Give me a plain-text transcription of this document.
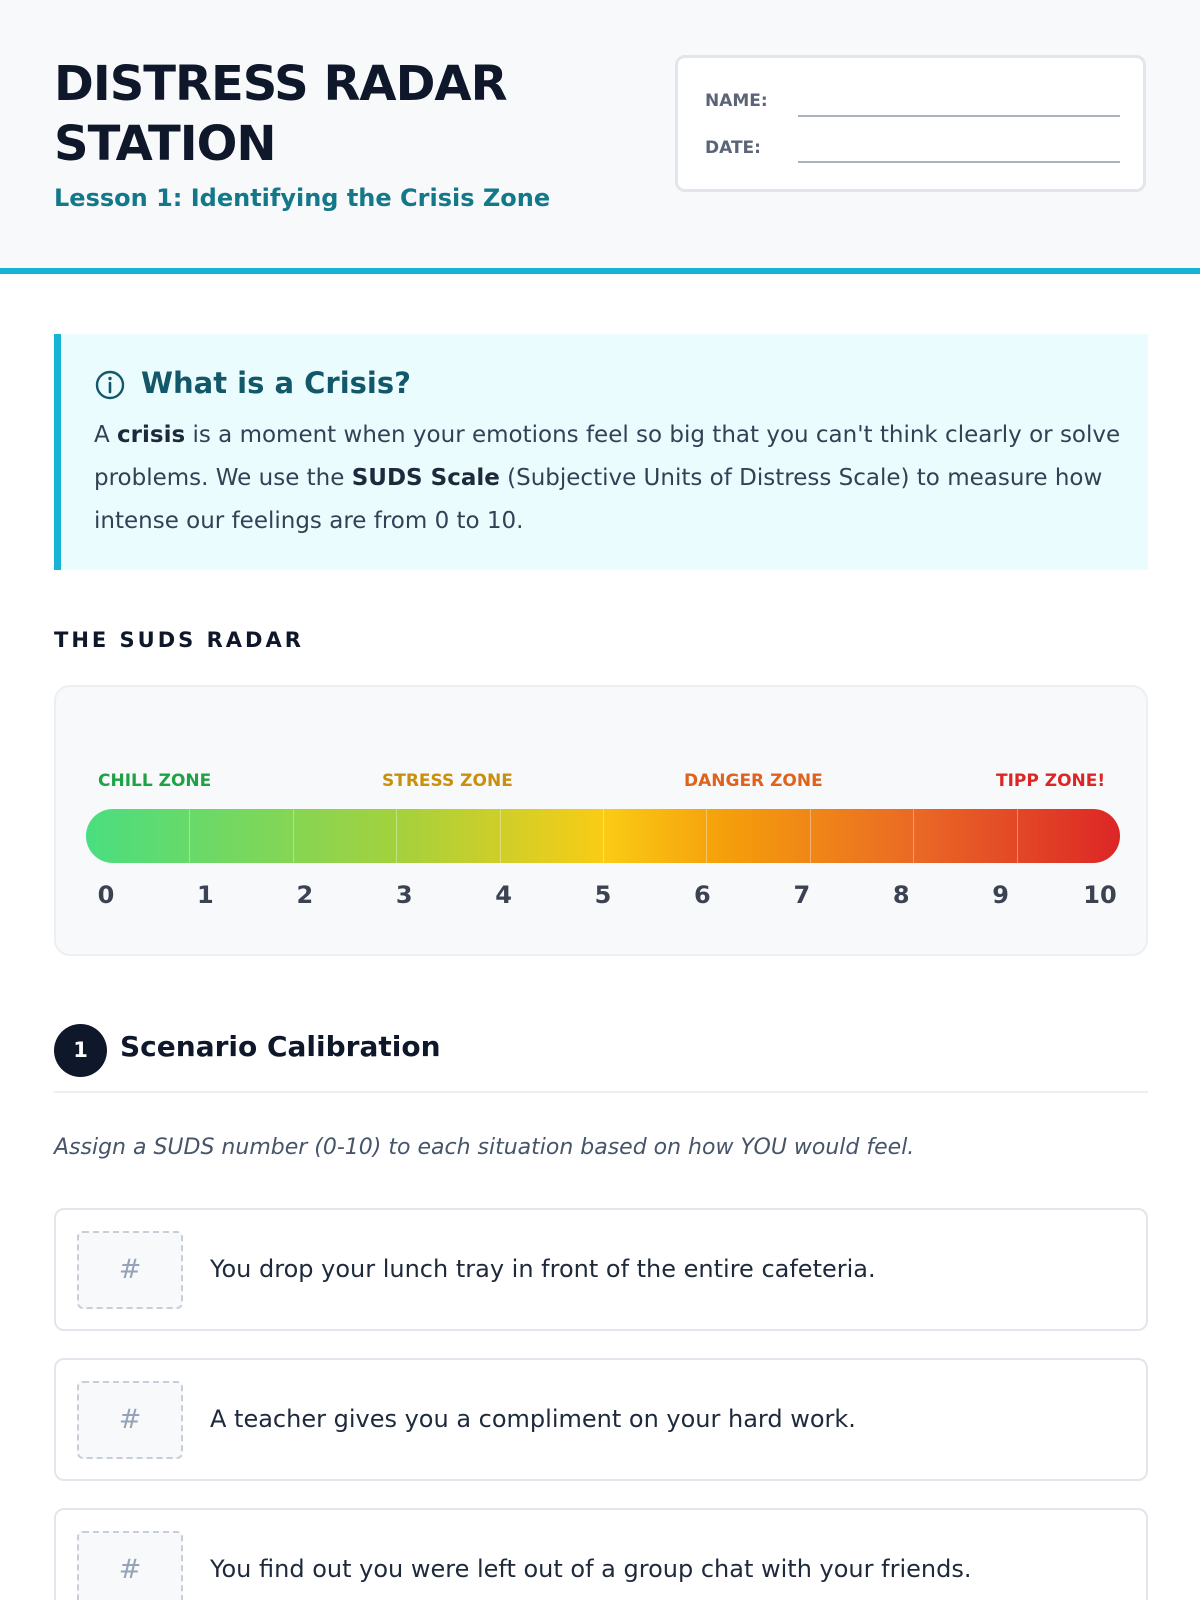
DISTRESS RADAR
STATION
Lesson 1: Identifying the Crisis Zone
NAME:
DATE:
What is a Crisis?
A crisis is a moment when your emotions feel so big that you can't think clearly or solve problems. We use the SUDS Scale (Subjective Units of Distress Scale) to measure how intense our feelings are from 0 to 10.
THE SUDS RADAR
CHILL ZONE	STRESS ZONE	DANGER ZONE	TIPP ZONE!
0	1	2	3	4	5	6	7	8	9	10
1	Scenario Calibration
Assign a SUDS number (0-10) to each situation based on how YOU would feel.
#	You drop your lunch tray in front of the entire cafeteria.
#	A teacher gives you a compliment on your hard work.
#	You find out you were left out of a group chat with your friends.
